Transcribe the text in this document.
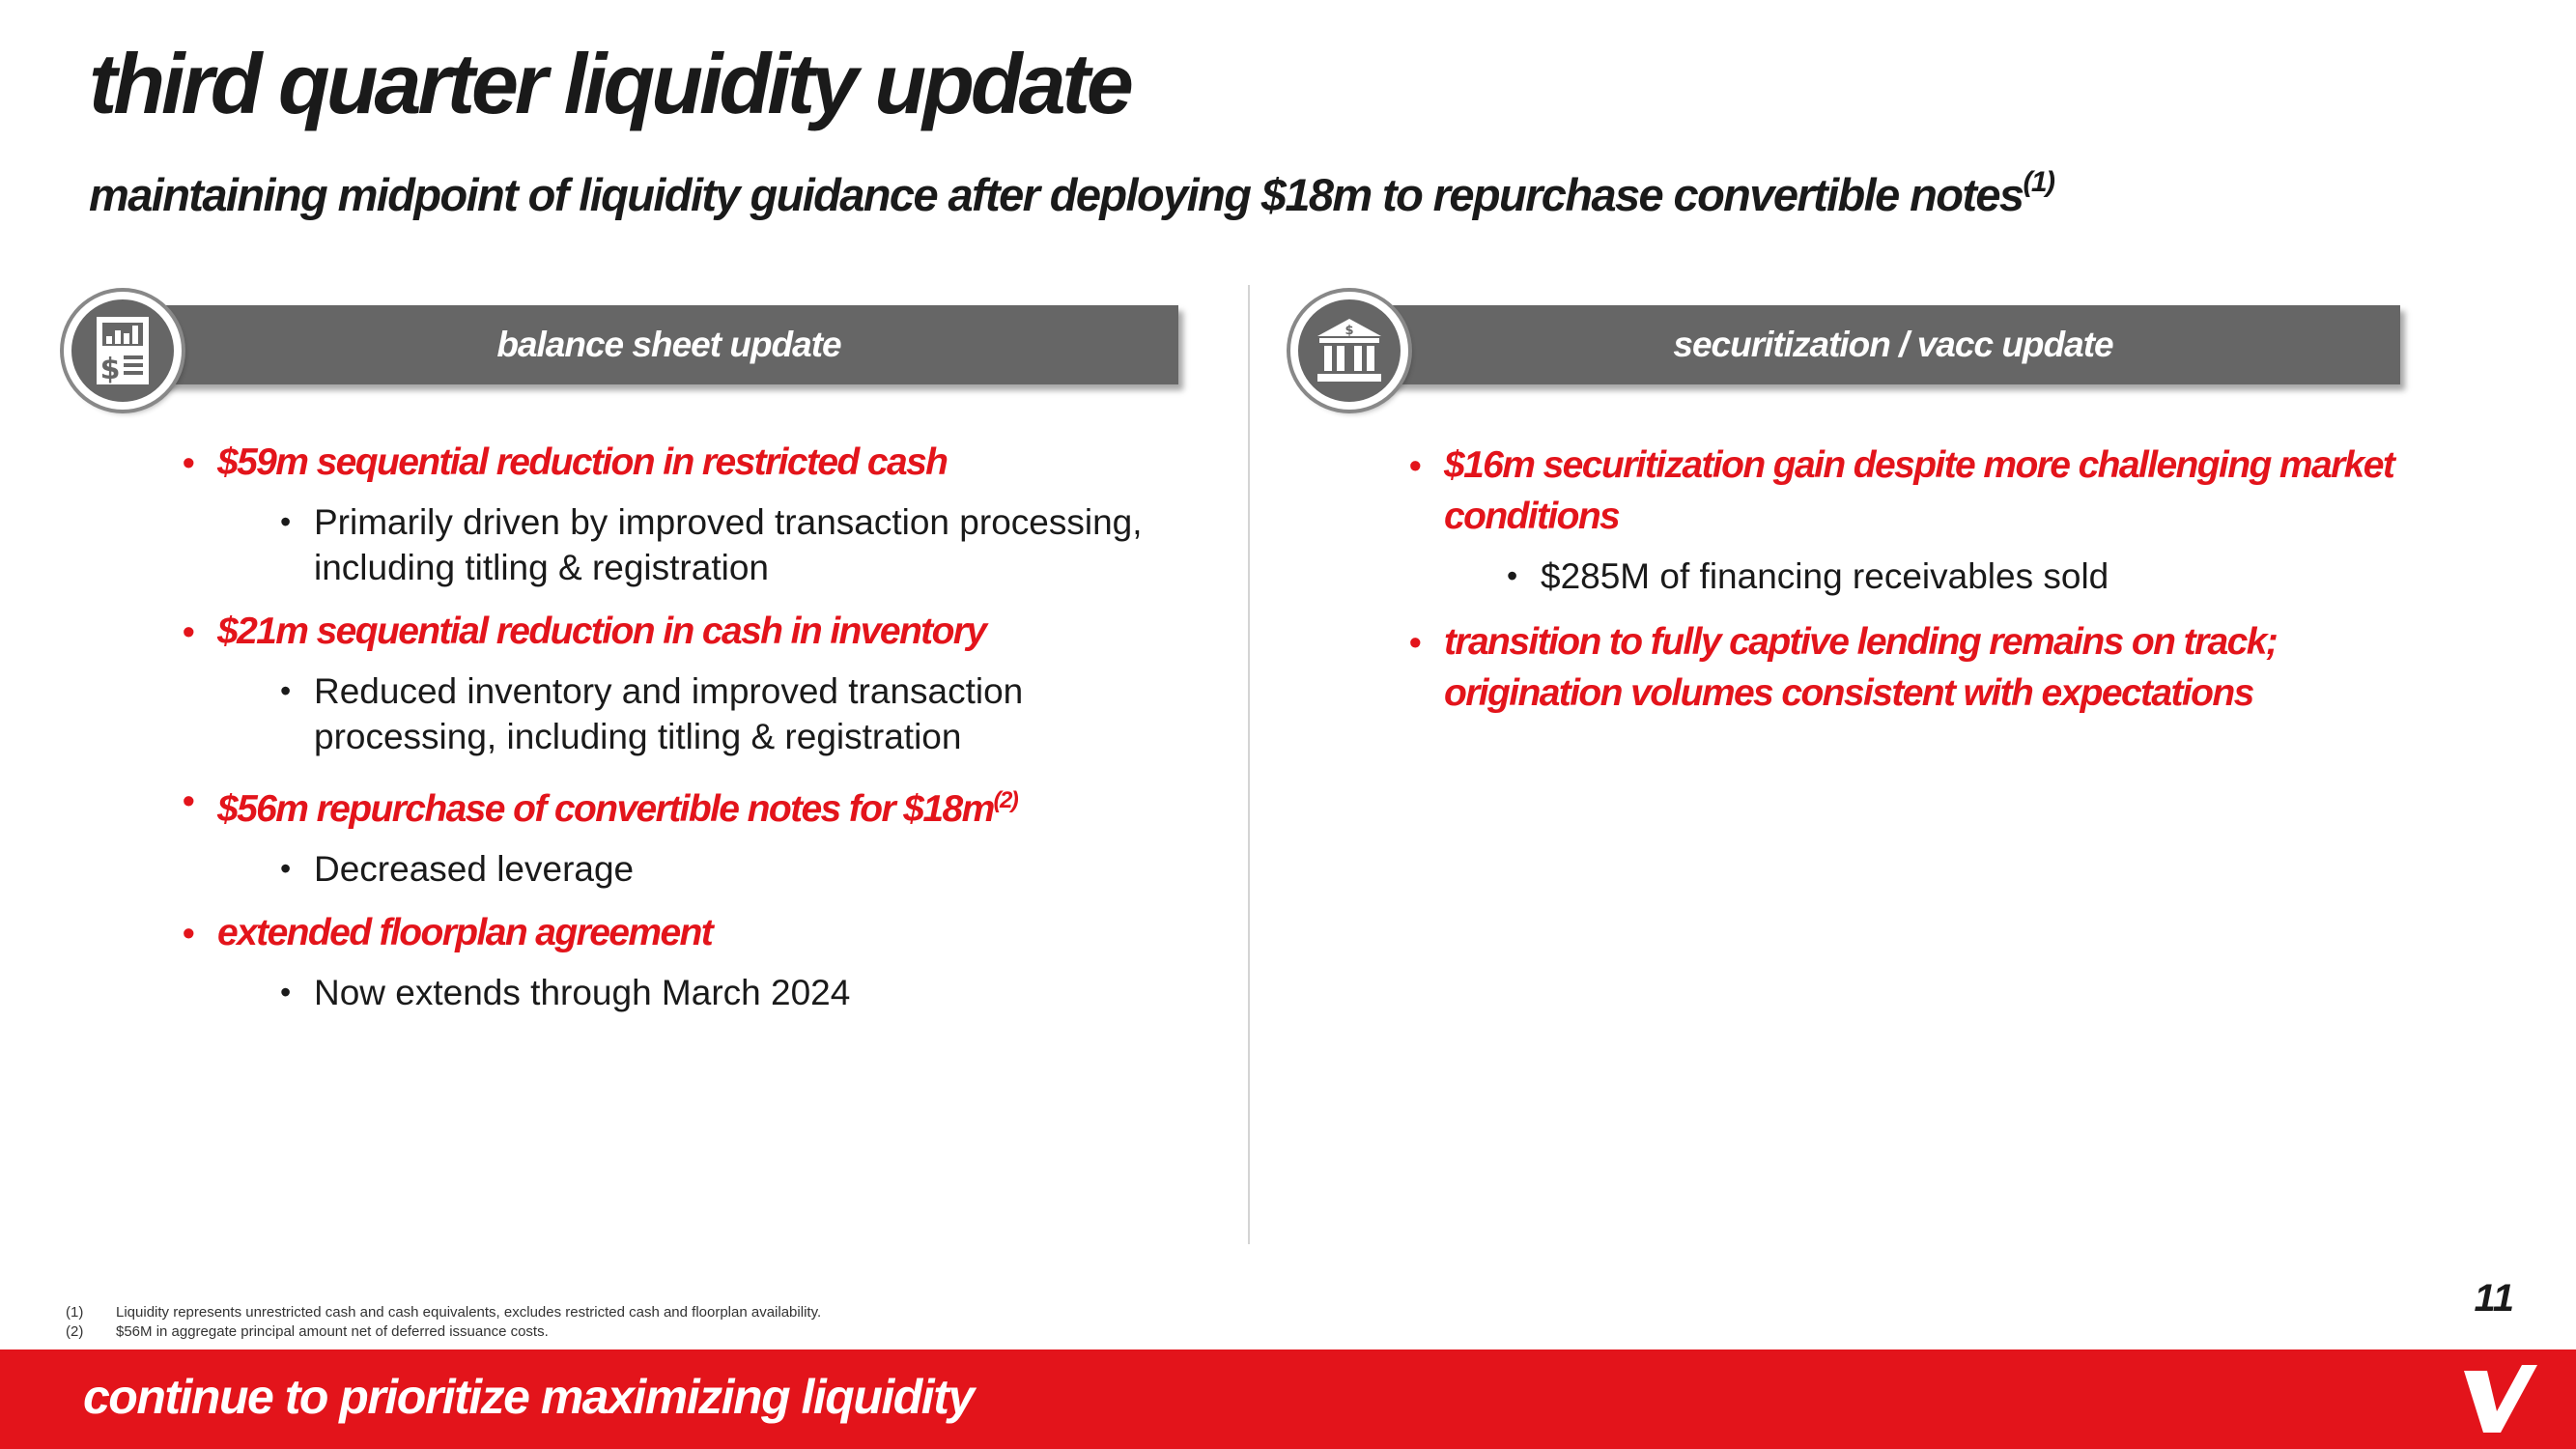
third quarter liquidity update
maintaining midpoint of liquidity guidance after deploying $18m to repurchase convertible notes$^{(1)}$
balance sheet update
$
• $59m sequential reduction in restricted cash
• Primarily driven by improved transaction processing, including titling & registration
• $21m sequential reduction in cash in inventory
• Reduced inventory and improved transaction processing, including titling & registration
• $56m repurchase of convertible notes for $\$18m^{(2)}$
• Decreased leverage
• extended floorplan agreement
• Now extends through March 2024
securitization / vacc update
$
• $16m securitization gain despite more challenging market conditions
• $285M of financing receivables sold
• transition to fully captive lending remains on track; origination volumes consistent with expectations
(1)	Liquidity represents unrestricted cash and cash equivalents, excludes restricted cash and floorplan availability.
(2)	$56M in aggregate principal amount net of deferred issuance costs.
11
continue to prioritize maximizing liquidity
